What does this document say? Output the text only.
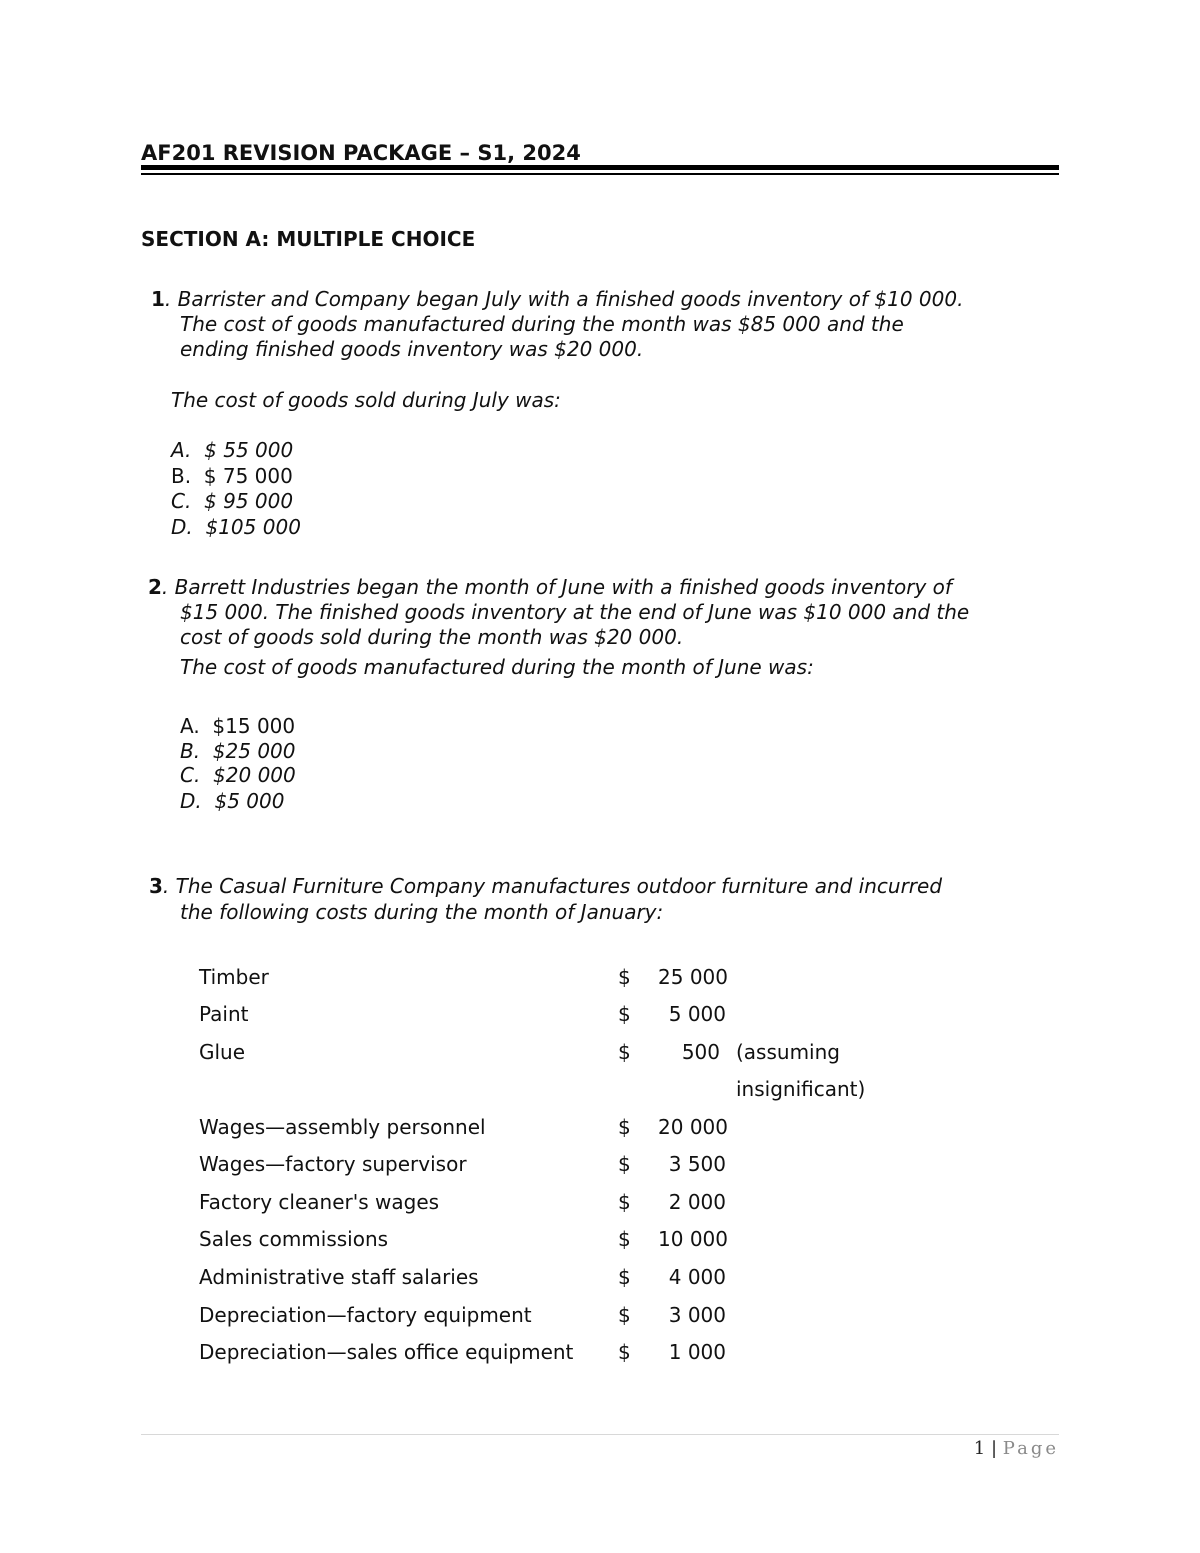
AF201 REVISION PACKAGE – S1, 2024
SECTION A: MULTIPLE CHOICE
1. Barrister and Company began July with a finished goods inventory of $10 000.
The cost of goods manufactured during the month was $85 000 and the
ending finished goods inventory was $20 000.
The cost of goods sold during July was:
A. $ 55 000
B. $ 75 000
C. $ 95 000
D. $105 000
2. Barrett Industries began the month of June with a finished goods inventory of
$15 000. The finished goods inventory at the end of June was $10 000 and the
cost of goods sold during the month was $20 000.
The cost of goods manufactured during the month of June was:
A. $15 000
B. $25 000
C. $20 000
D. $5 000
3. The Casual Furniture Company manufactures outdoor furniture and incurred
the following costs during the month of January:
Timber	$ 25 000
Paint	$ 5 000
Glue	$	500 (assuming
insignificant)
Wages—assembly personnel	$ 20 000
Wages—factory supervisor	$ 3 500
Factory cleaner's wages	$ 2 000
Sales commissions	$ 10 000
Administrative staff salaries	$ 4 000
Depreciation—factory equipment	$ 3 000
Depreciation—sales office equipment $ 1 000
1 | Page
